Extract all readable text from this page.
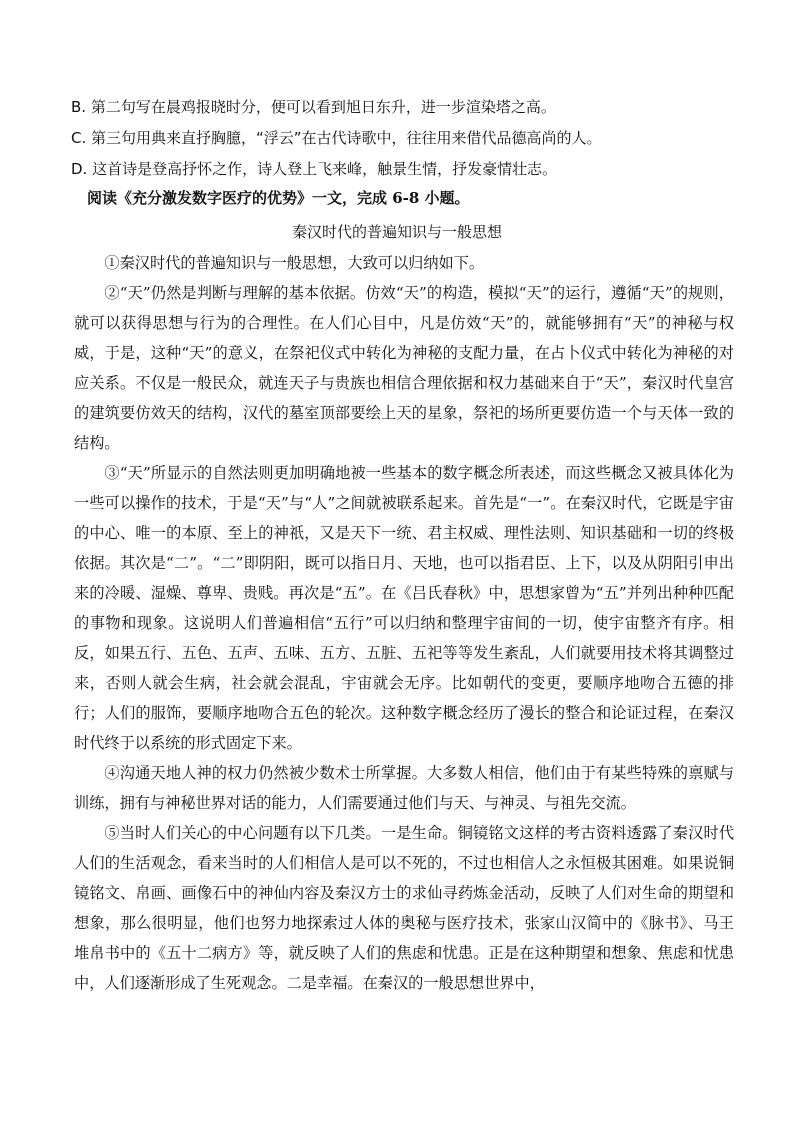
B. 第二句写在晨鸡报晓时分，便可以看到旭日东升，进一步渲染塔之高。
C. 第三句用典来直抒胸臆，“浮云”在古代诗歌中，往往用来借代品德高尚的人。
D. 这首诗是登高抒怀之作，诗人登上飞来峰，触景生情，抒发豪情壮志。
阅读《充分激发数字医疗的优势》一文，完成 6-8 小题。
秦汉时代的普遍知识与一般思想

①秦汉时代的普遍知识与一般思想，大致可以归纳如下。

②“天”仍然是判断与理解的基本依据。仿效“天”的构造，模拟“天”的运行，遵循“天”的规则，就可以获得思想与行为的合理性。在人们心目中，凡是仿效“天”的，就能够拥有“天”的神秘与权威，于是，这种“天”的意义，在祭祀仪式中转化为神秘的支配力量，在占卜仪式中转化为神秘的对应关系。不仅是一般民众，就连天子与贵族也相信合理依据和权力基础来自于“天”，秦汉时代皇宫的建筑要仿效天的结构，汉代的墓室顶部要绘上天的星象，祭祀的场所更要仿造一个与天体一致的结构。

③“天”所显示的自然法则更加明确地被一些基本的数字概念所表述，而这些概念又被具体化为一些可以操作的技术，于是“天”与“人”之间就被联系起来。首先是“一”。在秦汉时代，它既是宇宙的中心、唯一的本原、至上的神祇，又是天下一统、君主权威、理性法则、知识基础和一切的终极依据。其次是“二”。“二”即阴阳，既可以指日月、天地，也可以指君臣、上下，以及从阴阳引申出来的冷暖、湿燥、尊卑、贵贱。再次是“五”。在《吕氏春秋》中，思想家曾为“五”并列出种种匹配的事物和现象。这说明人们普遍相信“五行”可以归纳和整理宇宙间的一切，使宇宙整齐有序。相反，如果五行、五色、五声、五味、五方、五脏、五祀等等发生紊乱，人们就要用技术将其调整过来，否则人就会生病，社会就会混乱，宇宙就会无序。比如朝代的变更，要顺序地吻合五德的排行；人们的服饰，要顺序地吻合五色的轮次。这种数字概念经历了漫长的整合和论证过程，在秦汉时代终于以系统的形式固定下来。

④沟通天地人神的权力仍然被少数术士所掌握。大多数人相信，他们由于有某些特殊的禀赋与训练，拥有与神秘世界对话的能力，人们需要通过他们与天、与神灵、与祖先交流。

⑤当时人们关心的中心问题有以下几类。一是生命。铜镜铭文这样的考古资料透露了秦汉时代人们的生活观念，看来当时的人们相信人是可以不死的，不过也相信人之永恒极其困难。如果说铜镜铭文、帛画、画像石中的神仙内容及秦汉方士的求仙寻药炼金活动，反映了人们对生命的期望和想象，那么很明显，他们也努力地探索过人体的奥秘与医疗技术，张家山汉简中的《脉书》、马王堆帛书中的《五十二病方》等，就反映了人们的焦虑和忧患。正是在这种期望和想象、焦虑和忧患中，人们逐渐形成了生死观念。二是幸福。在秦汉的一般思想世界中，
